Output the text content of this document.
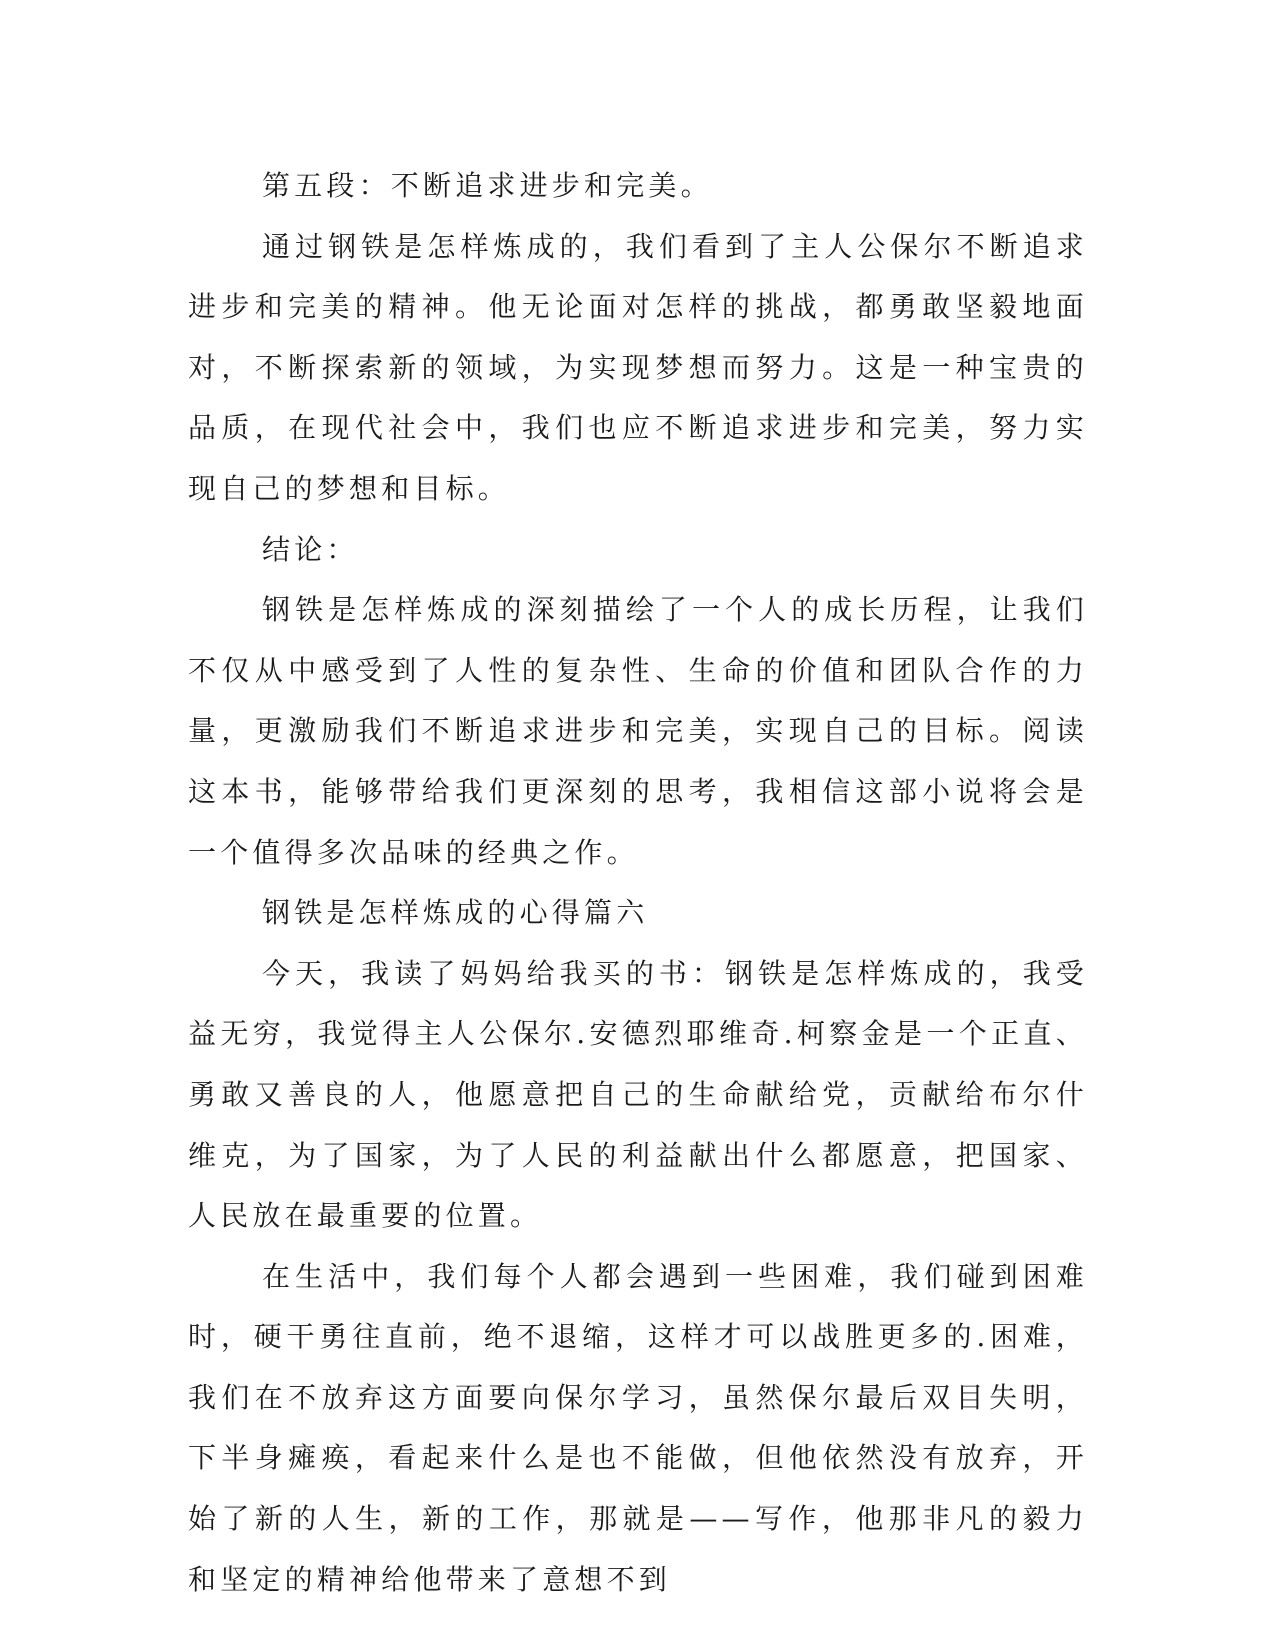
第五段：不断追求进步和完美。

通过钢铁是怎样炼成的，我们看到了主人公保尔不断追求进步和完美的精神。他无论面对怎样的挑战，都勇敢坚毅地面对，不断探索新的领域，为实现梦想而努力。这是一种宝贵的品质，在现代社会中，我们也应不断追求进步和完美，努力实现自己的梦想和目标。

结论：

钢铁是怎样炼成的深刻描绘了一个人的成长历程，让我们不仅从中感受到了人性的复杂性、生命的价值和团队合作的力量，更激励我们不断追求进步和完美，实现自己的目标。阅读这本书，能够带给我们更深刻的思考，我相信这部小说将会是一个值得多次品味的经典之作。

钢铁是怎样炼成的心得篇六

今天，我读了妈妈给我买的书：钢铁是怎样炼成的，我受益无穷，我觉得主人公保尔.安德烈耶维奇.柯察金是一个正直、勇敢又善良的人，他愿意把自己的生命献给党，贡献给布尔什维克，为了国家，为了人民的利益献出什么都愿意，把国家、人民放在最重要的位置。

在生活中，我们每个人都会遇到一些困难，我们碰到困难时，硬干勇往直前，绝不退缩，这样才可以战胜更多的.困难，我们在不放弃这方面要向保尔学习，虽然保尔最后双目失明，下半身瘫痪，看起来什么是也不能做，但他依然没有放弃，开始了新的人生，新的工作，那就是——写作，他那非凡的毅力和坚定的精神给他带来了意想不到
